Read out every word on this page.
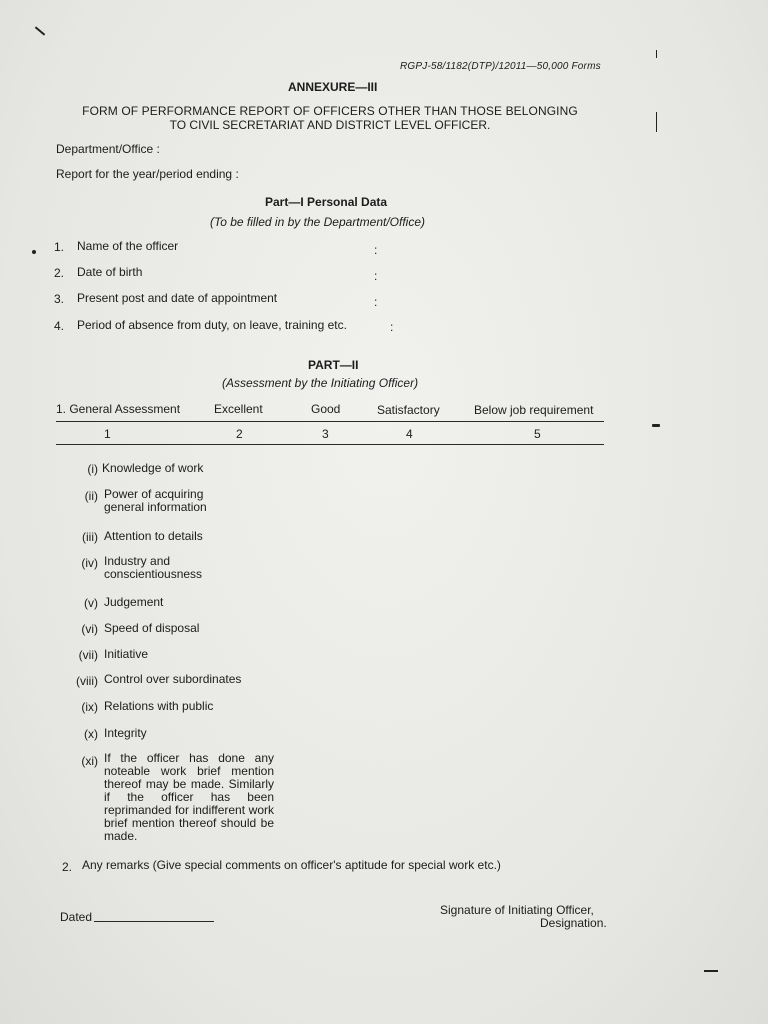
RGPJ-58/1182(DTP)/12011—50,000 Forms
ANNEXURE—III
FORM OF PERFORMANCE REPORT OF OFFICERS OTHER THAN THOSE BELONGING
TO CIVIL SECRETARIAT AND DISTRICT LEVEL OFFICER.
Department/Office :
Report for the year/period ending :
Part—I Personal Data
(To be filled in by the Department/Office)
1. Name of the officer	:
2. Date of birth	:
3. Present post and date of appointment	:
4. Period of absence from duty, on leave, training etc.	:
PART—II
(Assessment by the Initiating Officer)
1. General Assessment	Excellent	Good	Satisfactory	Below job requirement
1	2	3	4	5
(i) Knowledge of work
(ii) Power of acquiring general information
(iii) Attention to details
(iv) Industry and conscientiousness
(v) Judgement
(vi) Speed of disposal
(vii) Initiative
(viii) Control over subordinates
(ix) Relations with public
(x) Integrity
(xi) If the officer has done any noteable work brief mention thereof may be made. Similarly if the officer has been reprimanded for indifferent work brief mention thereof should be made.
2. Any remarks (Give special comments on officer's aptitude for special work etc.)
Dated	Signature of Initiating Officer,
Designation.
